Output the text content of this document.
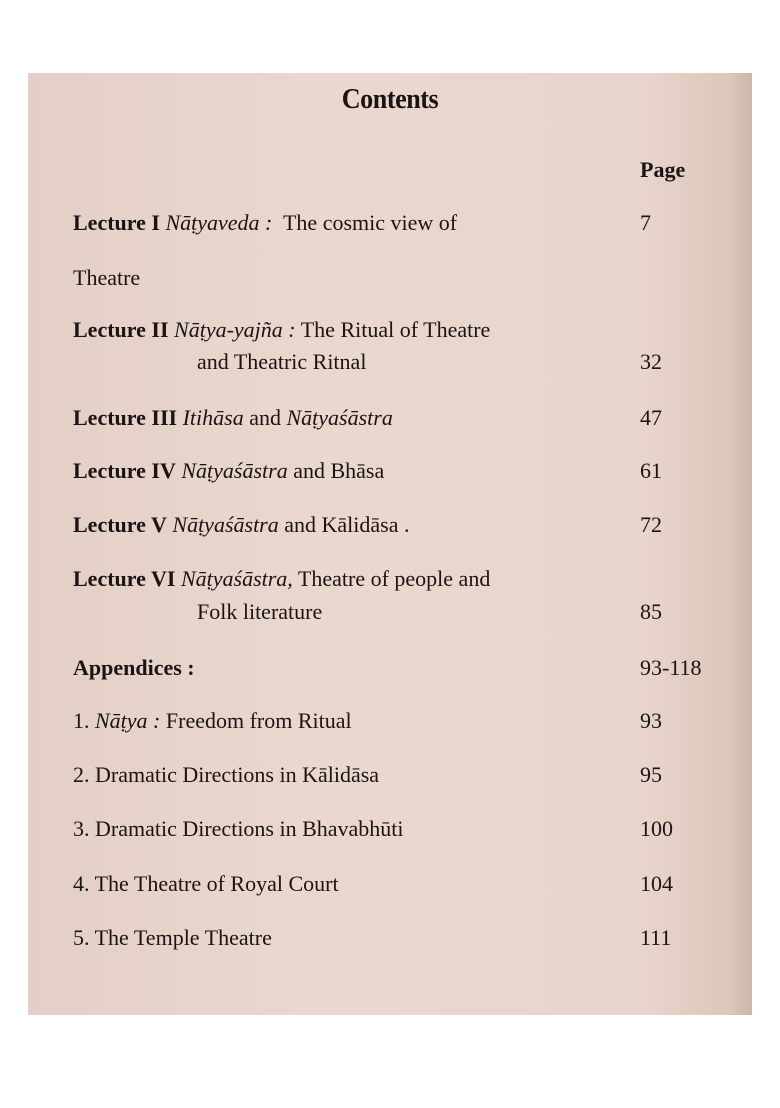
Contents
Page
Lecture I Nāṭyaveda : The cosmic view of	7
Theatre
Lecture II Nāṭya-yajña : The Ritual of Theatre
and Theatric Ritnal	32
Lecture III Itihāsa and Nāṭyaśāstra	47
Lecture IV Nāṭyaśāstra and Bhāsa	61
Lecture V Nāṭyaśāstra and Kālidāsa .	72
Lecture VI Nāṭyaśāstra, Theatre of people and
Folk literature	85
Appendices :	93-118
1. Nāṭya : Freedom from Ritual	93
2. Dramatic Directions in Kālidāsa	95
3. Dramatic Directions in Bhavabhūti	100
4. The Theatre of Royal Court	104
5. The Temple Theatre	111
